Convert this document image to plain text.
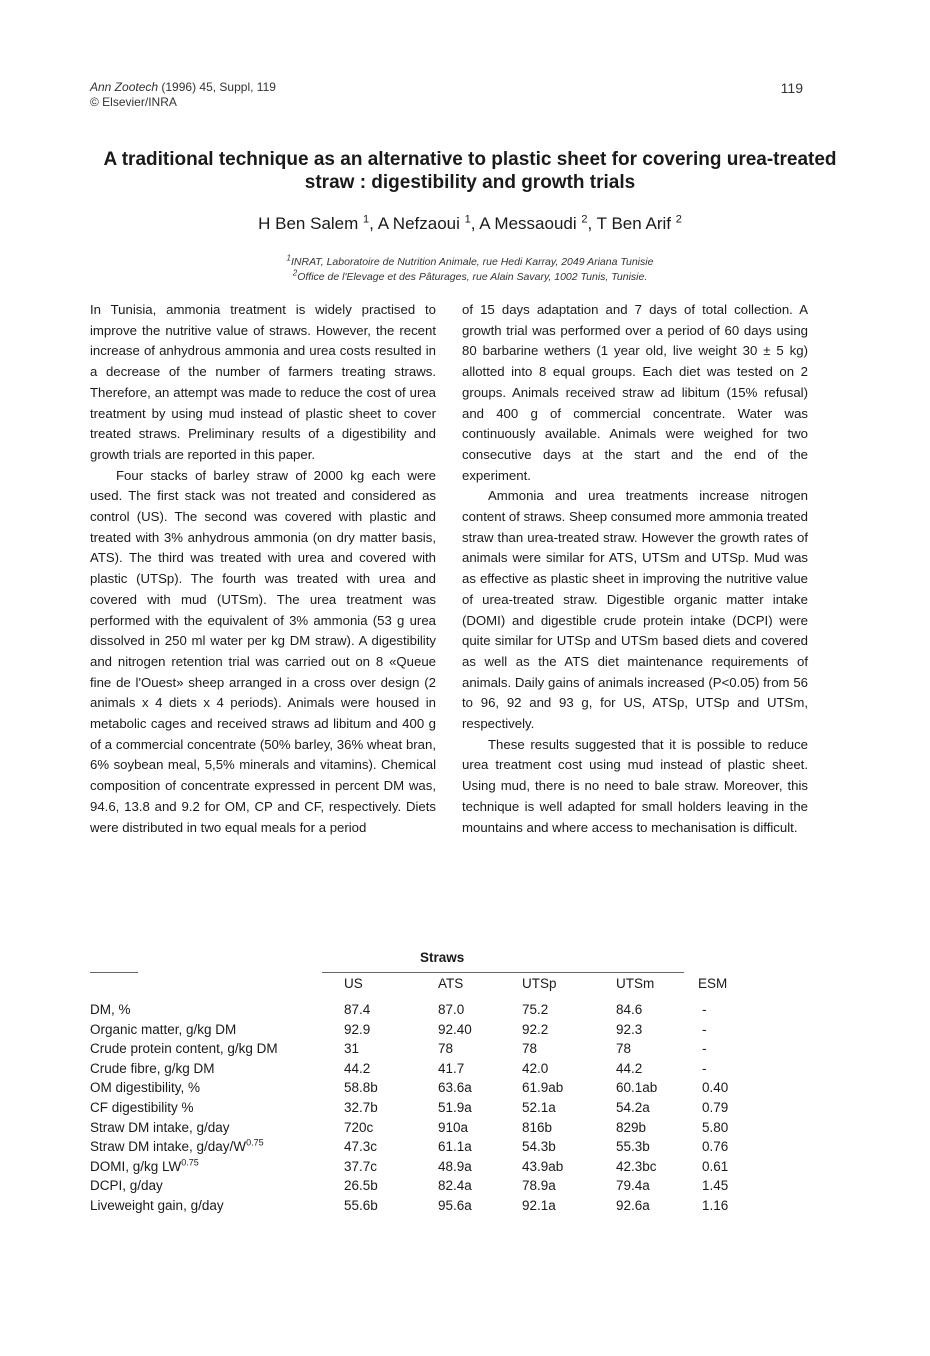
Ann Zootech (1996) 45, Suppl, 119
© Elsevier/INRA
119
A traditional technique as an alternative to plastic sheet for covering urea-treated straw : digestibility and growth trials
H Ben Salem $^1$, A Nefzaoui $^1$, A Messaoudi $^2$, T Ben Arif $^2$
$^1$INRAT, Laboratoire de Nutrition Animale, rue Hedi Karray, 2049 Ariana Tunisie
$^2$Office de l'Elevage et des Pâturages, rue Alain Savary, 1002 Tunis, Tunisie.

In Tunisia, ammonia treatment is widely practised to improve the nutritive value of straws. However, the recent increase of anhydrous ammonia and urea costs resulted in a decrease of the number of farmers treating straws. Therefore, an attempt was made to reduce the cost of urea treatment by using mud instead of plastic sheet to cover treated straws. Preliminary results of a digestibility and growth trials are reported in this paper.

Four stacks of barley straw of 2000 kg each were used. The first stack was not treated and considered as control (US). The second was covered with plastic and treated with 3% anhydrous ammonia (on dry matter basis, ATS). The third was treated with urea and covered with plastic (UTSp). The fourth was treated with urea and covered with mud (UTSm). The urea treatment was performed with the equivalent of 3% ammonia (53 g urea dissolved in 250 ml water per kg DM straw). A digestibility and nitrogen retention trial was carried out on 8 «Queue fine de l'Ouest» sheep arranged in a cross over design (2 animals x 4 diets x 4 periods). Animals were housed in metabolic cages and received straws ad libitum and 400 g of a commercial concentrate (50% barley, 36% wheat bran, 6% soybean meal, 5,5% minerals and vitamins). Chemical composition of concentrate expressed in percent DM was, 94.6, 13.8 and 9.2 for OM, CP and CF, respectively. Diets were distributed in two equal meals for a period

of 15 days adaptation and 7 days of total collection. A growth trial was performed over a period of 60 days using 80 barbarine wethers (1 year old, live weight 30 ± 5 kg) allotted into 8 equal groups. Each diet was tested on 2 groups. Animals received straw ad libitum (15% refusal) and 400 g of commercial concentrate. Water was continuously available. Animals were weighed for two consecutive days at the start and the end of the experiment.

Ammonia and urea treatments increase nitrogen content of straws. Sheep consumed more ammonia treated straw than urea-treated straw. However the growth rates of animals were similar for ATS, UTSm and UTSp. Mud was as effective as plastic sheet in improving the nutritive value of urea-treated straw. Digestible organic matter intake (DOMI) and digestible crude protein intake (DCPI) were quite similar for UTSp and UTSm based diets and covered as well as the ATS diet maintenance requirements of animals. Daily gains of animals increased (P<0.05) from 56 to 96, 92 and 93 g, for US, ATSp, UTSp and UTSm, respectively.

These results suggested that it is possible to reduce urea treatment cost using mud instead of plastic sheet. Using mud, there is no need to bale straw. Moreover, this technique is well adapted for small holders leaving in the mountains and where access to mechanisation is difficult.

Straws
US	ATS	UTSp	UTSm	ESM
DM, %	87.4	87.0	75.2	84.6	-
Organic matter, g/kg DM	92.9	92.40	92.2	92.3	-
Crude protein content, g/kg DM	31	78	78	78	-
Crude fibre, g/kg DM	44.2	41.7	42.0	44.2	-
OM digestibility, %	58.8b	63.6a	61.9ab	60.1ab	0.40
CF digestibility %	32.7b	51.9a	52.1a	54.2a	0.79
Straw DM intake, g/day	720c	910a	816b	829b	5.80
Straw DM intake, $g/day/W^{0.75}$	47.3c	61.1a	54.3b	55.3b	0.76
DOMI, g/kg $LW^{0.75}$	37.7c	48.9a	43.9ab	42.3bc	0.61
DCPI, g/day	26.5b	82.4a	78.9a	79.4a	1.45
Liveweight gain, g/day	55.6b	95.6a	92.1a	92.6a	1.16
